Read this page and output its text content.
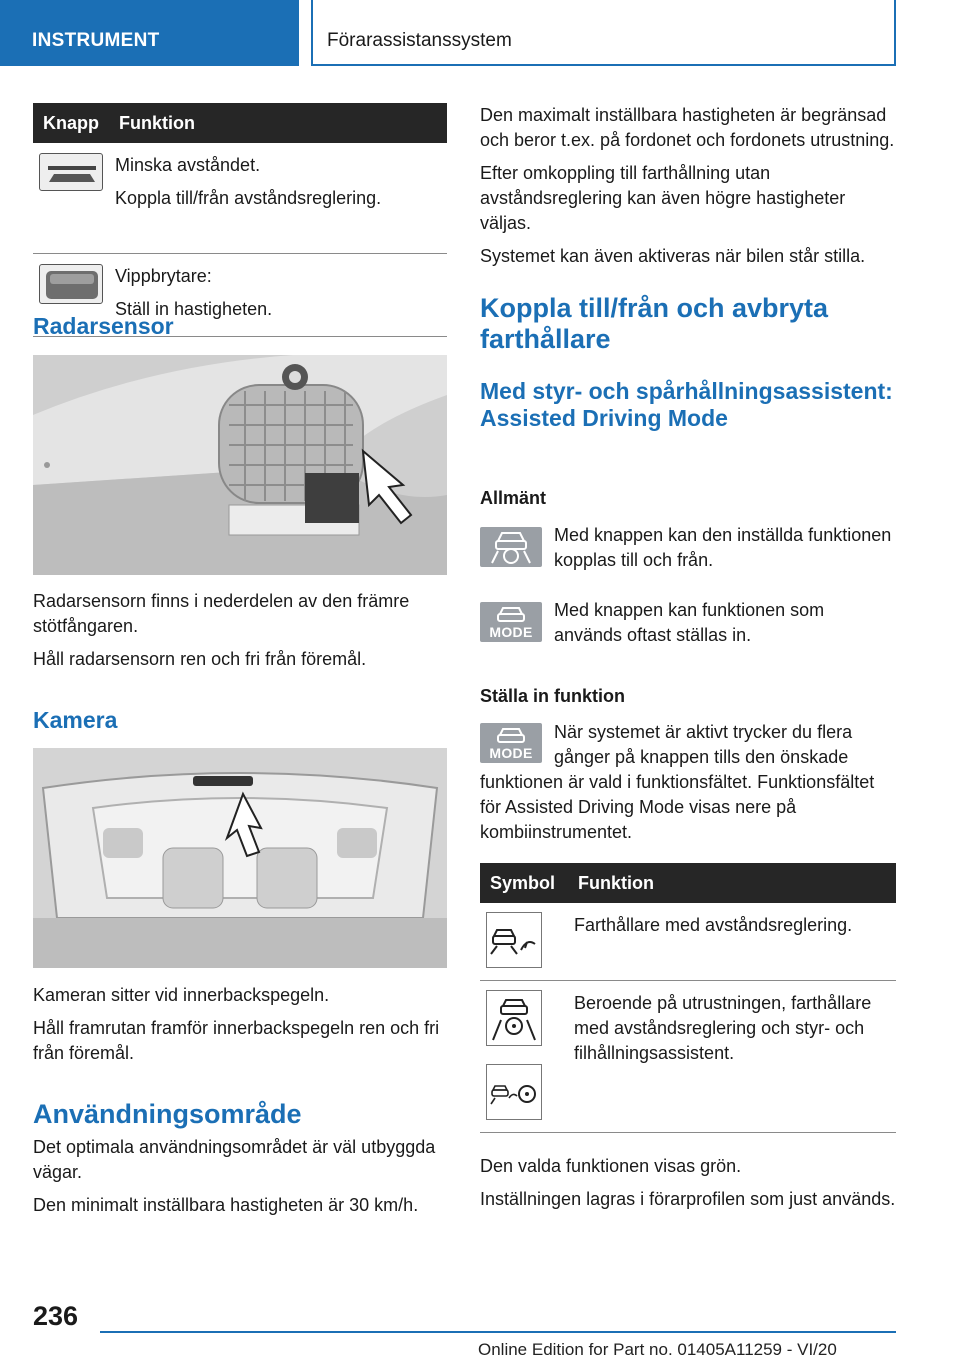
INSTRUMENT	Förarassistanssystem
Knapp	Funktion

Minska avståndet.
Koppla till/från avståndsreglering.

Vippbrytare:
Ställ in hastigheten.
Radarsensor

Radarsensorn finns i nederdelen av den främre stötfångaren.

Håll radarsensorn ren och fri från föremål.

Kamera

Kameran sitter vid innerbackspegeln.

Håll framrutan framför innerbackspegeln ren och fri från föremål.

Användningsområde

Det optimala användningsområdet är väl utbyggda vägar.

Den minimalt inställbara hastigheten är 30 km/h.

Den maximalt inställbara hastigheten är begränsad och beror t.ex. på fordonet och fordonets utrustning.

Efter omkoppling till farthållning utan avståndsreglering kan även högre hastigheter väljas.

Systemet kan även aktiveras när bilen står stilla.

Koppla till/från och avbryta farthållare
Med styr- och spårhållningsassistent: Assisted Driving Mode
Allmänt

Med knappen kan den inställda funktionen kopplas till och från.

MODE

Med knappen kan funktionen som används oftast ställas in.

Ställa in funktion
MODE

När systemet är aktivt trycker du flera gånger på knappen tills den önskade funktionen är vald i funktionsfältet. Funktionsfältet för Assisted Driving Mode visas nere på kombiinstrumentet.

Symbol	Funktion

Farthållare med avståndsreglering.

Beroende på utrustningen, farthållare med avståndsreglering och styr- och filhållningsassistent.

Den valda funktionen visas grön.

Inställningen lagras i förarprofilen som just används.

236
Online Edition for Part no. 01405A11259 - VI/20
